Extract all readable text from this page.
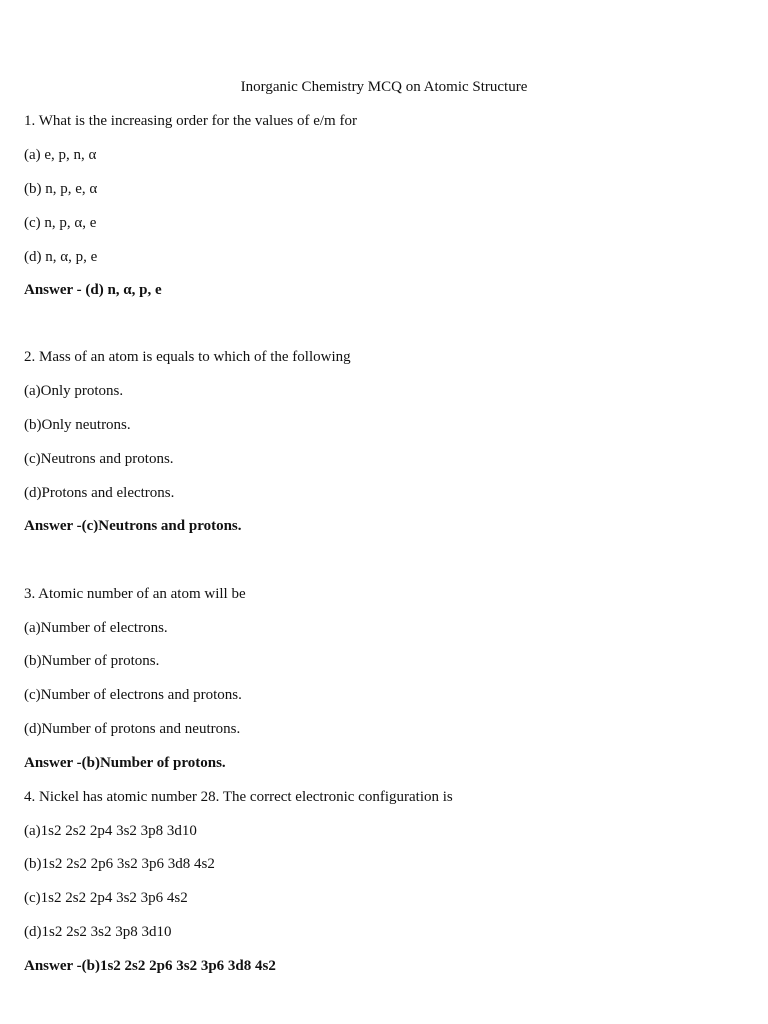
Inorganic Chemistry MCQ on Atomic Structure
1. What is the increasing order for the values of e/m for
(a) e, p, n, α
(b) n, p, e, α
(c) n, p, α, e
(d) n, α, p, e
Answer - (d) n, α, p, e
2. Mass of an atom is equals to which of the following
(a)Only protons.
(b)Only neutrons.
(c)Neutrons and protons.
(d)Protons and electrons.
Answer -(c)Neutrons and protons.
3. Atomic number of an atom will be
(a)Number of electrons.
(b)Number of protons.
(c)Number of electrons and protons.
(d)Number of protons and neutrons.
Answer -(b)Number of protons.
4. Nickel has atomic number 28. The correct electronic configuration is
(a)1s2 2s2 2p4 3s2 3p8 3d10
(b)1s2 2s2 2p6 3s2 3p6 3d8 4s2
(c)1s2 2s2 2p4 3s2 3p6 4s2
(d)1s2 2s2 3s2 3p8 3d10
Answer -(b)1s2 2s2 2p6 3s2 3p6 3d8 4s2
